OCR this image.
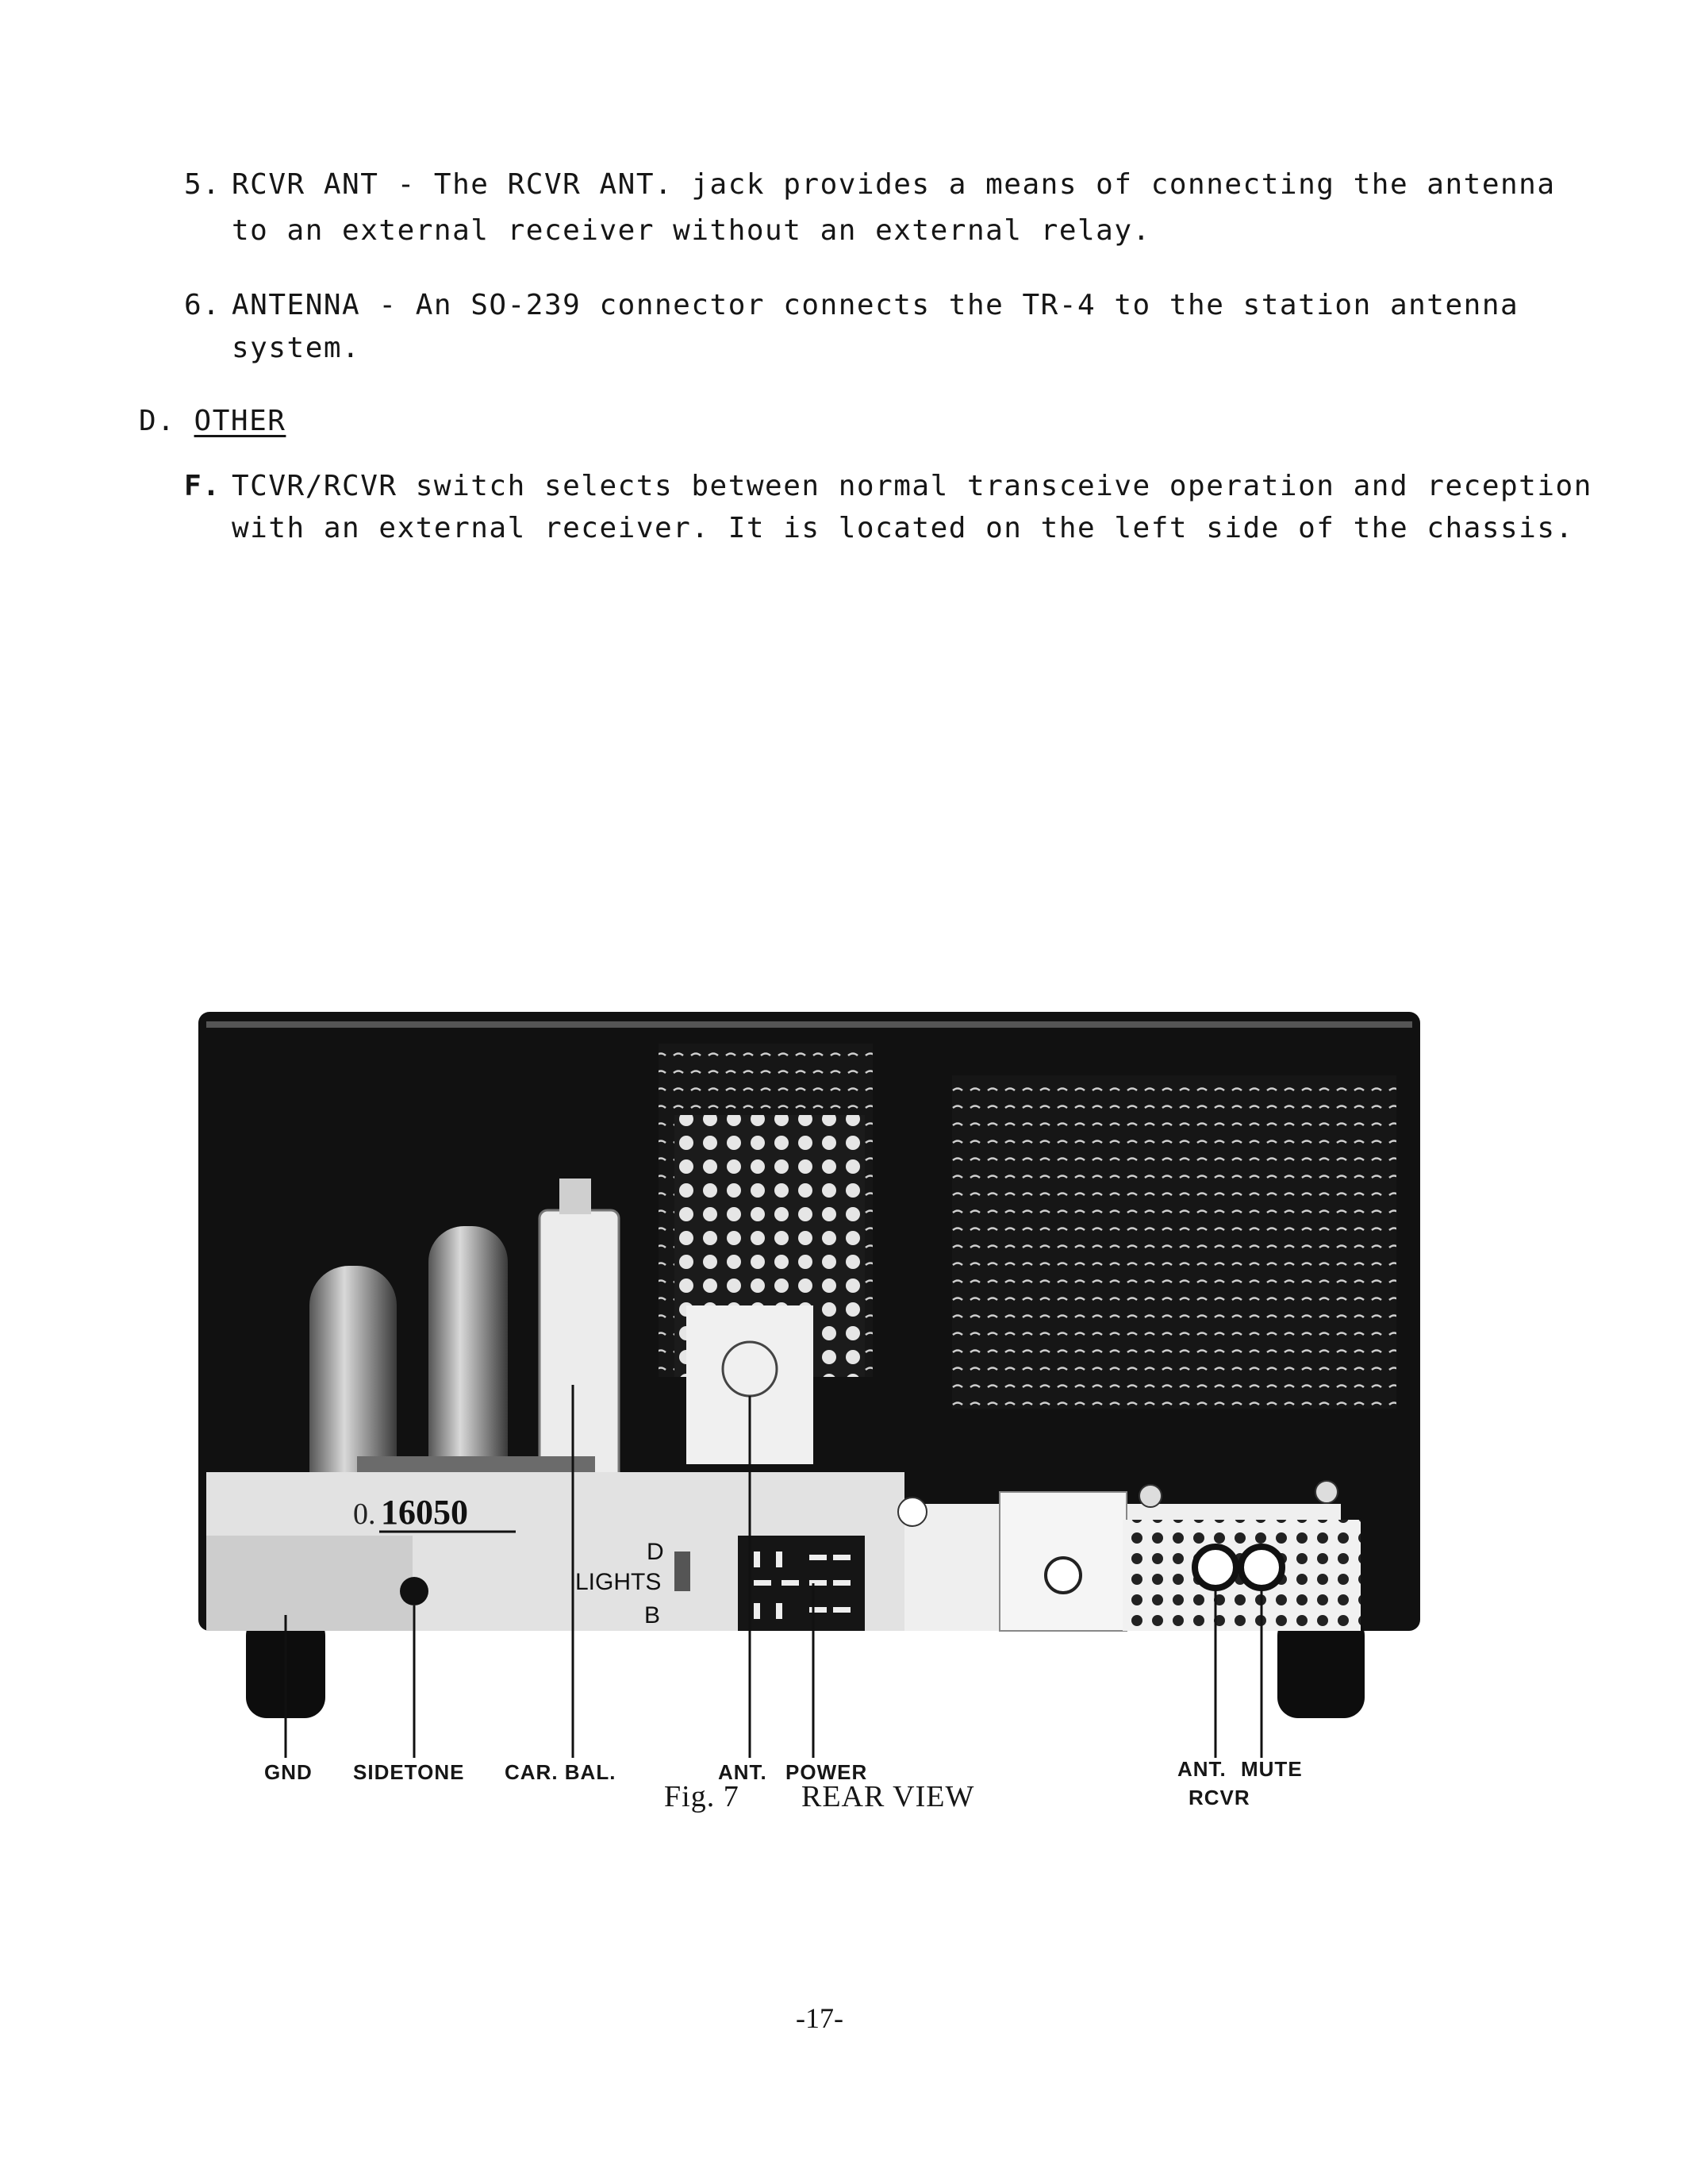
5. RCVR ANT - The RCVR ANT. jack provides a means of connecting the antenna
to an external receiver without an external relay.
6. ANTENNA - An SO-239 connector connects the TR-4 to the station antenna
system.
D. OTHER
F. TCVR/RCVR switch selects between normal transceive operation and reception
with an external receiver. It is located on the left side of the chassis.
16050
0.
D
LIGHTS
B
GND SIDETONE CAR. BAL.	ANT. POWER	ANT.
RCVR
MUTE
Fig. 7 REAR VIEW
-17-
